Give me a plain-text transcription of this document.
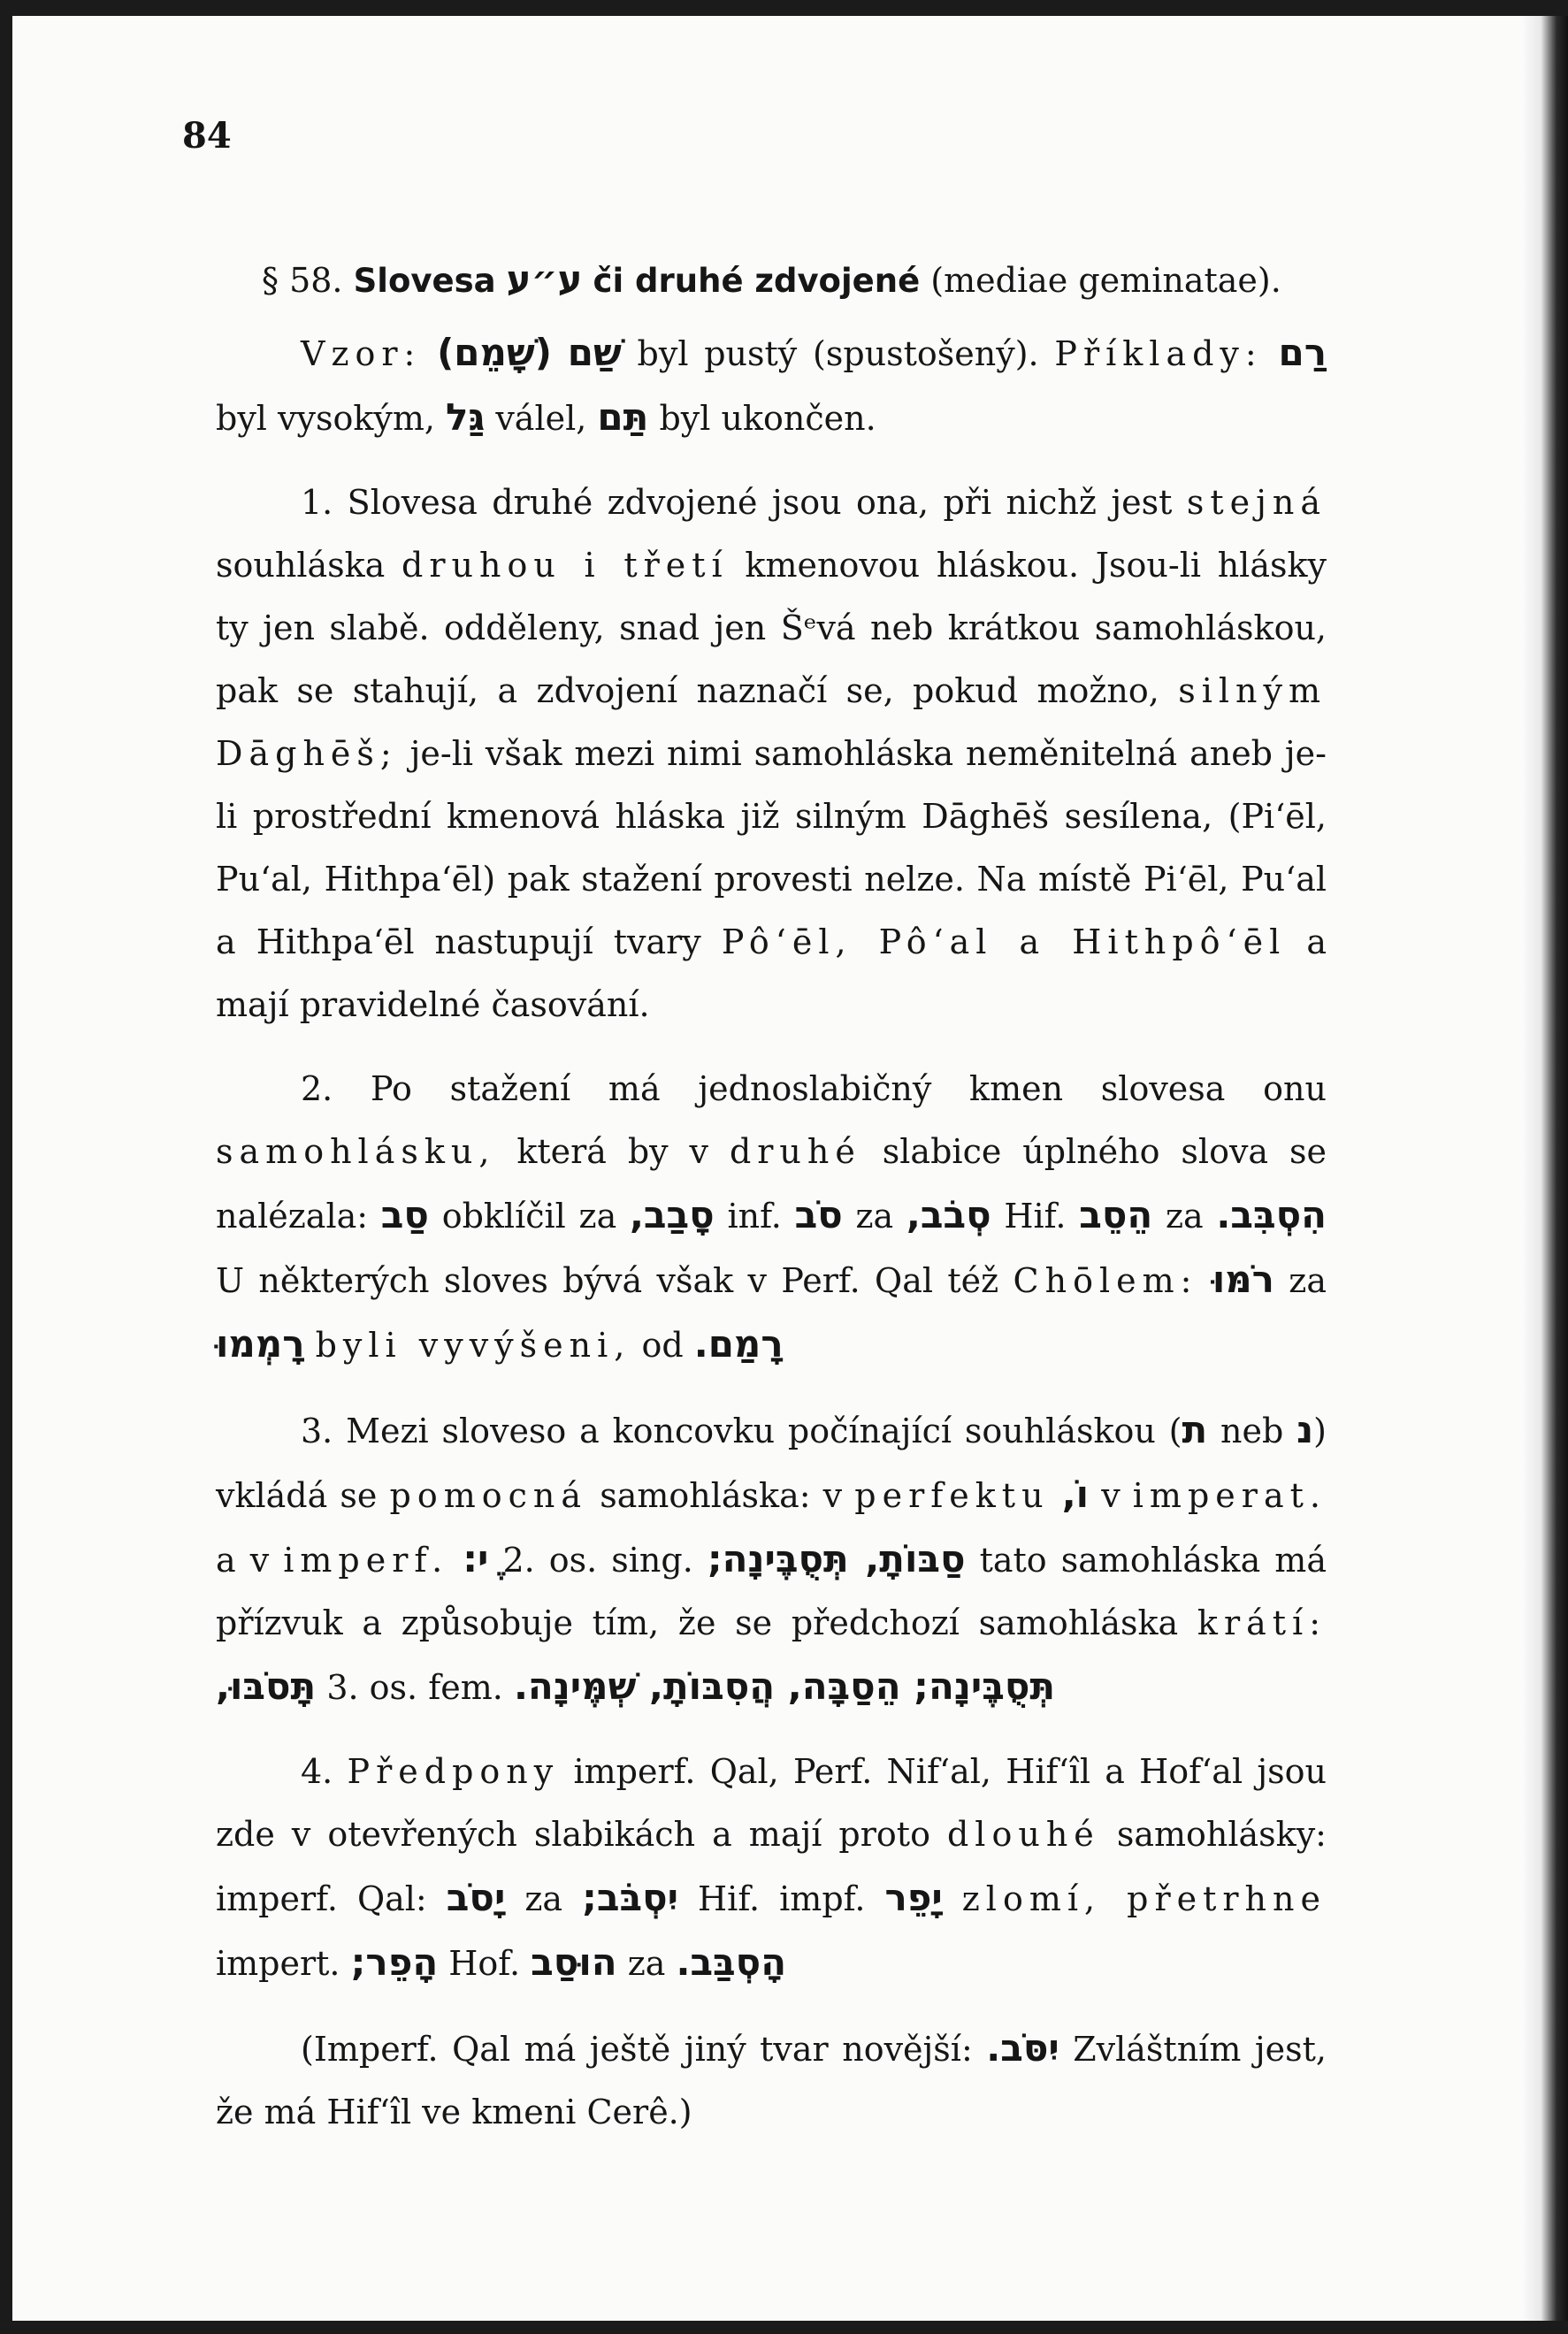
84

§ 58. Slovesa ע״ע či druhé zdvojené (mediae geminatae).

Vzor: (שָׁמֵם) שַׁם byl pustý (spustošený). Příklady: רַם byl vysokým, גַּל válel, תַּם byl ukončen.

1. Slovesa druhé zdvojené jsou ona, při nichž jest stejná souhláska druhou i třetí kmenovou hláskou. Jsou-li hlásky ty jen slabě. odděleny, snad jen Šᵉvá neb krátkou samohláskou, pak se stahují, a zdvojení naznačí se, pokud možno, silným Dāghēš; je-li však mezi nimi samohláska neměnitelná aneb je-li prostřední kmenová hláska již silným Dāghēš sesílena, (Piʻēl, Puʻal, Hithpaʻēl) pak stažení provesti nelze. Na místě Piʻēl, Puʻal a Hithpaʻēl nastupují tvary Pôʻēl, Pôʻal a Hithpôʻēl a mají pravidelné časování.

2. Po stažení má jednoslabičný kmen slovesa onu samohlásku, která by v druhé slabice úplného slova se nalézala: סַב obklíčil za סָבַב, inf. סֹב za סְבֹב, Hif. הֵסֵב za הִסְבִּב. U některých sloves bývá však v Perf. Qal též Chōlem: רֹמּוּ za רָמְמוּ byli vyvýšeni, od רָמַם.

3. Mezi sloveso a koncovku počínající souhláskou (ת neb נ) vkládá se pomocná samohláska: v perfektu וֹ, v imperat. a v imperf. ֶי: 2. os. sing. סַבּוֹתָ, תְּסֻבֶּינָה; tato samohláska má přízvuk a způsobuje tím, že se předchozí samohláska krátí: תָּסֹבּוּ, 3. os. fem. תְּסֻבֶּינָה; הֵסַבָּה, הֲסִבּוֹתָ, שְׁמֶּינָה.

4. Předpony imperf. Qal, Perf. Nifʻal, Hifʻîl a Hofʻal jsou zde v otevřených slabikách a mají proto dlouhé samohlásky: imperf. Qal: יָסֹב za יִסְבֹּב; Hif. impf. יָפֵר zlomí, přetrhne impert. הָפֵר; Hof. הוּסַב za הָסְבַּב.

(Imperf. Qal má ještě jiný tvar novější: יִסֹּב. Zvláštním jest, že má Hifʻîl ve kmeni Cerê.)
